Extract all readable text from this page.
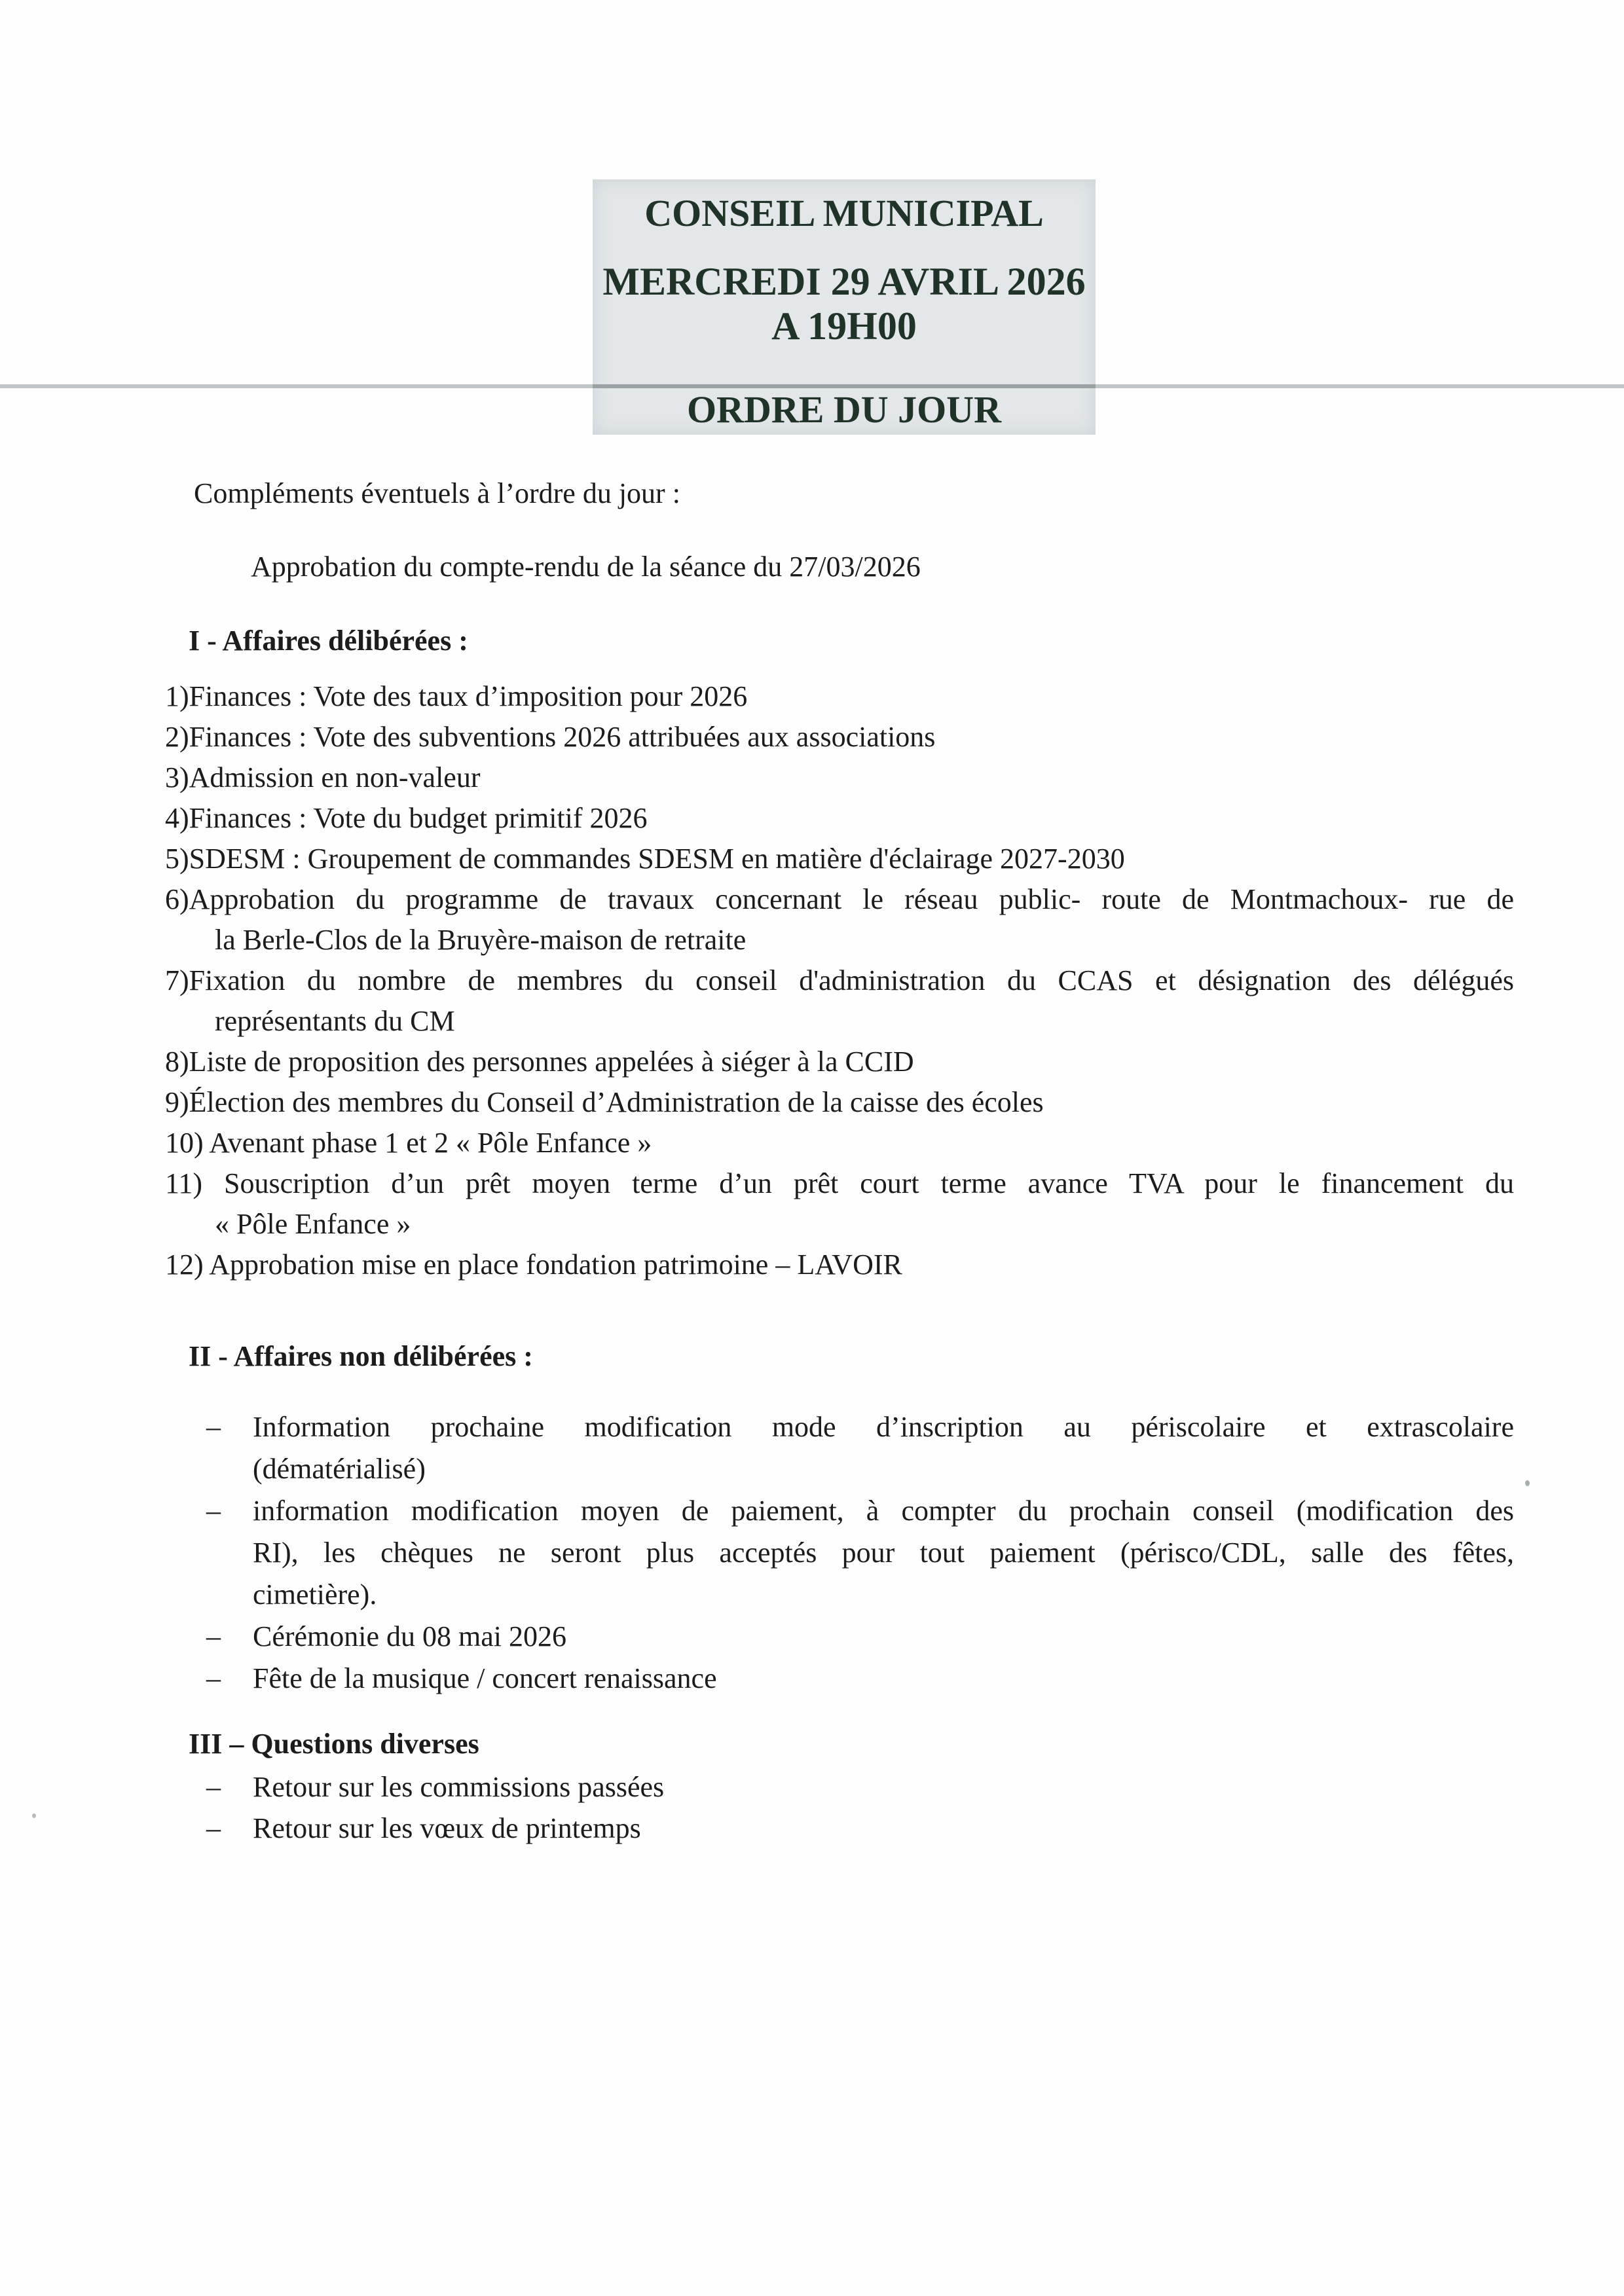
CONSEIL MUNICIPAL
MERCREDI 29 AVRIL 2026
A 19H00
ORDRE DU JOUR
Compléments éventuels à l’ordre du jour :
Approbation du compte-rendu de la séance du 27/03/2026
I - Affaires délibérées :
1)Finances : Vote des taux d’imposition pour 2026
2)Finances : Vote des subventions 2026 attribuées aux associations
3)Admission en non-valeur
4)Finances : Vote du budget primitif 2026
5)SDESM : Groupement de commandes SDESM en matière d'éclairage 2027-2030
6)Approbation du programme de travaux concernant le réseau public- route de Montmachoux- rue de
la Berle-Clos de la Bruyère-maison de retraite
7)Fixation du nombre de membres du conseil d'administration du CCAS et désignation des délégués
représentants du CM
8)Liste de proposition des personnes appelées à siéger à la CCID
9)Élection des membres du Conseil d’Administration de la caisse des écoles
10) Avenant phase 1 et 2 « Pôle Enfance »
11) Souscription d’un prêt moyen terme d’un prêt court terme avance TVA pour le financement du
« Pôle Enfance »
12) Approbation mise en place fondation patrimoine – LAVOIR
II - Affaires non délibérées :
– Information prochaine modification mode d’inscription au périscolaire et extrascolaire
(dématérialisé)
– information modification moyen de paiement, à compter du prochain conseil (modification des
RI), les chèques ne seront plus acceptés pour tout paiement (périsco/CDL, salle des fêtes,
cimetière).
– Cérémonie du 08 mai 2026
– Fête de la musique / concert renaissance
III – Questions diverses
– Retour sur les commissions passées
– Retour sur les vœux de printemps
